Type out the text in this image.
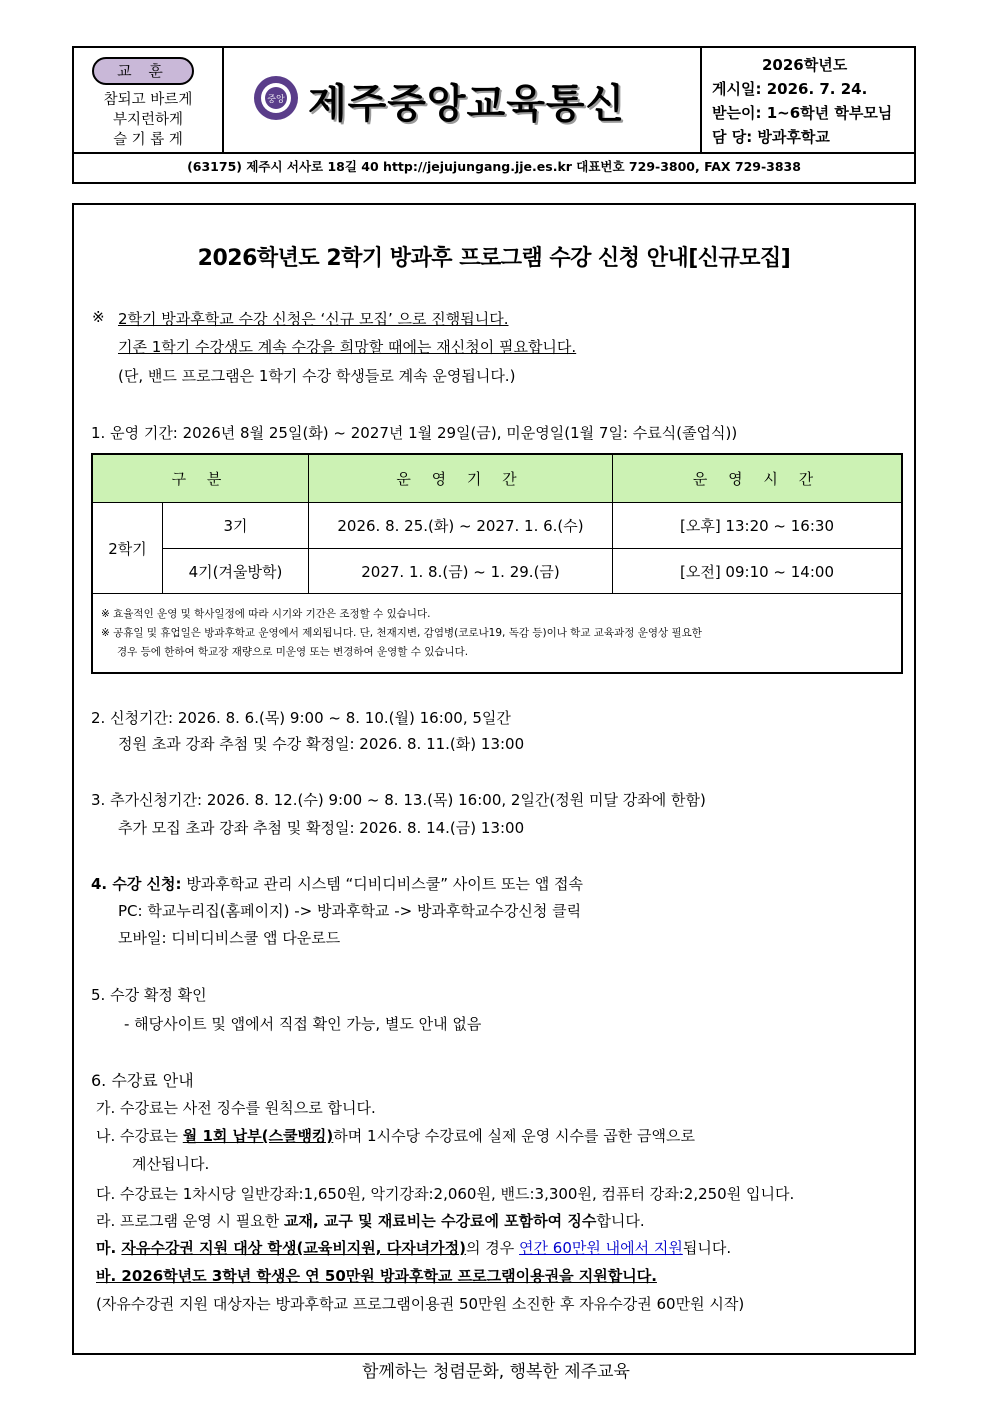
교 훈
참되고 바르게
부지런하게
슬 기 롭 게
중앙 제주중앙교육통신
2026학년도
게시일: 2026. 7. 24.
받는이: 1~6학년 학부모님
담 당: 방과후학교
(63175) 제주시 서사로 18길 40 http://jejujungang.jje.es.kr 대표번호 729-3800, FAX 729-3838
2026학년도 2학기 방과후 프로그램 수강 신청 안내[신규모집]
※ 2학기 방과후학교 수강 신청은 ‘신규 모집’ 으로 진행됩니다.
기존 1학기 수강생도 계속 수강을 희망할 때에는 재신청이 필요합니다.
(단, 밴드 프로그램은 1학기 수강 학생들로 계속 운영됩니다.)
1. 운영 기간: 2026년 8월 25일(화) ~ 2027년 1월 29일(금), 미운영일(1월 7일: 수료식(졸업식))
구 분	운 영 기 간	운 영 시 간
2학기
3기	2026. 8. 25.(화) ~ 2027. 1. 6.(수)	[오후] 13:20 ~ 16:30
4기(겨울방학)	2027. 1. 8.(금) ~ 1. 29.(금)	[오전] 09:10 ~ 14:00
※ 효율적인 운영 및 학사일정에 따라 시기와 기간은 조정할 수 있습니다.
※ 공휴일 및 휴업일은 방과후학교 운영에서 제외됩니다. 단, 천재지변, 감염병(코로나19, 독감 등)이나 학교 교육과정 운영상 필요한
경우 등에 한하여 학교장 재량으로 미운영 또는 변경하여 운영할 수 있습니다.
2. 신청기간: 2026. 8. 6.(목) 9:00 ~ 8. 10.(월) 16:00, 5일간
정원 초과 강좌 추첨 및 수강 확정일: 2026. 8. 11.(화) 13:00
3. 추가신청기간: 2026. 8. 12.(수) 9:00 ~ 8. 13.(목) 16:00, 2일간(정원 미달 강좌에 한함)
추가 모집 초과 강좌 추첨 및 확정일: 2026. 8. 14.(금) 13:00
4. 수강 신청: 방과후학교 관리 시스템 “디비디비스쿨” 사이트 또는 앱 접속
PC: 학교누리집(홈페이지) -> 방과후학교 -> 방과후학교수강신청 클릭
모바일: 디비디비스쿨 앱 다운로드
5. 수강 확정 확인
- 해당사이트 및 앱에서 직접 확인 가능, 별도 안내 없음
6. 수강료 안내
가. 수강료는 사전 징수를 원칙으로 합니다.
나. 수강료는 월 1회 납부(스쿨뱅킹)하며 1시수당 수강료에 실제 운영 시수를 곱한 금액으로
계산됩니다.
다. 수강료는 1차시당 일반강좌:1,650원, 악기강좌:2,060원, 밴드:3,300원, 컴퓨터 강좌:2,250원 입니다.
라. 프로그램 운영 시 필요한 교재, 교구 및 재료비는 수강료에 포함하여 징수합니다.
마. 자유수강권 지원 대상 학생(교육비지원, 다자녀가정)의 경우 연간 60만원 내에서 지원됩니다.
바. 2026학년도 3학년 학생은 연 50만원 방과후학교 프로그램이용권을 지원합니다.
(자유수강권 지원 대상자는 방과후학교 프로그램이용권 50만원 소진한 후 자유수강권 60만원 시작)
함께하는 청렴문화, 행복한 제주교육
